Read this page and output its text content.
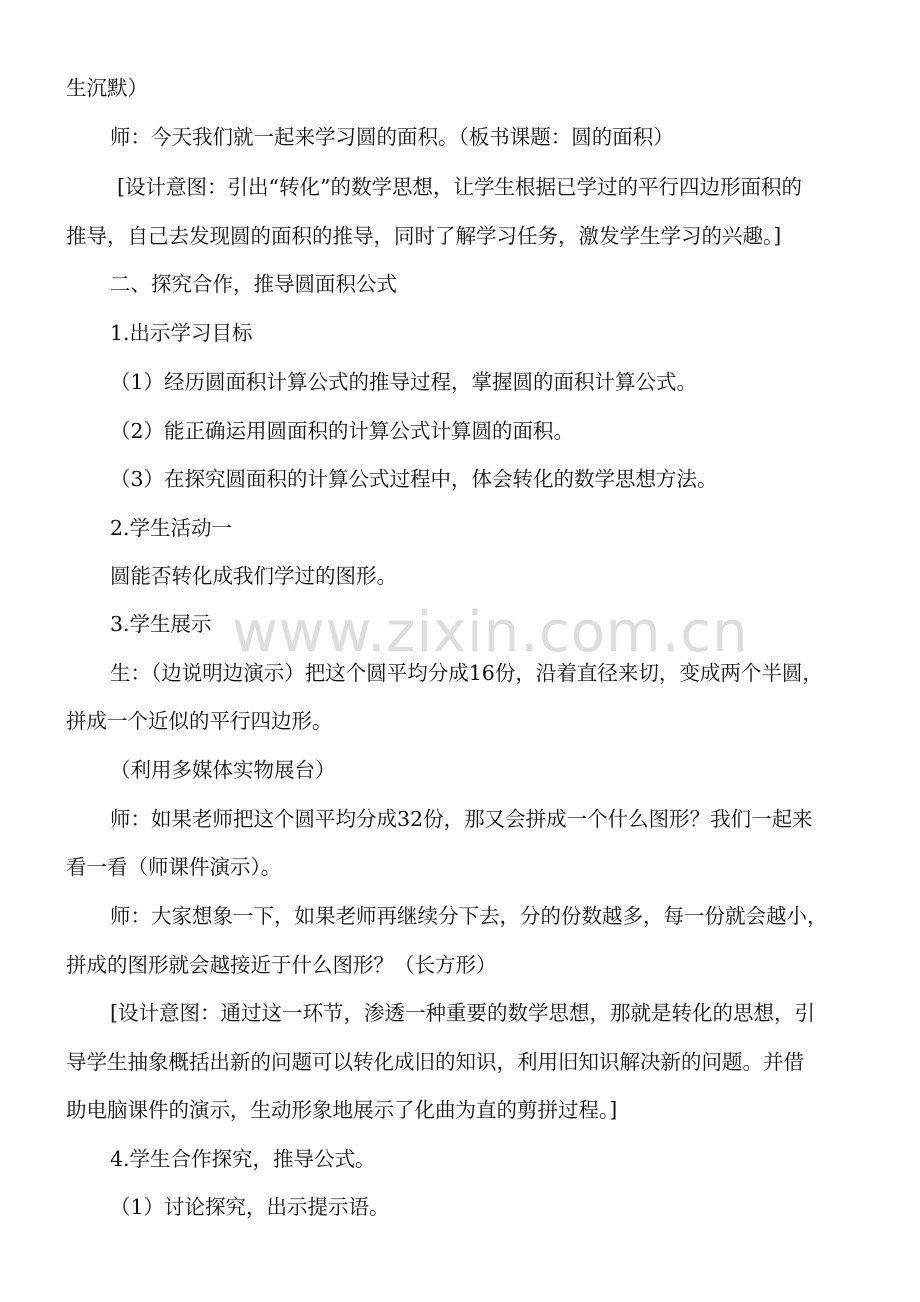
www.zixin.com.cn
生沉默）
师：今天我们就一起来学习圆的面积。（板书课题：圆的面积）
[设计意图：引出“转化”的数学思想，让学生根据已学过的平行四边形面积的
推导，自己去发现圆的面积的推导，同时了解学习任务，激发学生学习的兴趣。]
二、探究合作，推导圆面积公式
1.出示学习目标
（1）经历圆面积计算公式的推导过程，掌握圆的面积计算公式。
（2）能正确运用圆面积的计算公式计算圆的面积。
（3）在探究圆面积的计算公式过程中，体会转化的数学思想方法。
2.学生活动一
圆能否转化成我们学过的图形。
3.学生展示
生：（边说明边演示）把这个圆平均分成16份，沿着直径来切，变成两个半圆，
拼成一个近似的平行四边形。
（利用多媒体实物展台）
师：如果老师把这个圆平均分成32份，那又会拼成一个什么图形？我们一起来
看一看（师课件演示）。
师：大家想象一下，如果老师再继续分下去，分的份数越多，每一份就会越小，
拼成的图形就会越接近于什么图形？（长方形）
[设计意图：通过这一环节，渗透一种重要的数学思想，那就是转化的思想，引
导学生抽象概括出新的问题可以转化成旧的知识，利用旧知识解决新的问题。并借
助电脑课件的演示，生动形象地展示了化曲为直的剪拼过程。]
4.学生合作探究，推导公式。
（1）讨论探究，出示提示语。
